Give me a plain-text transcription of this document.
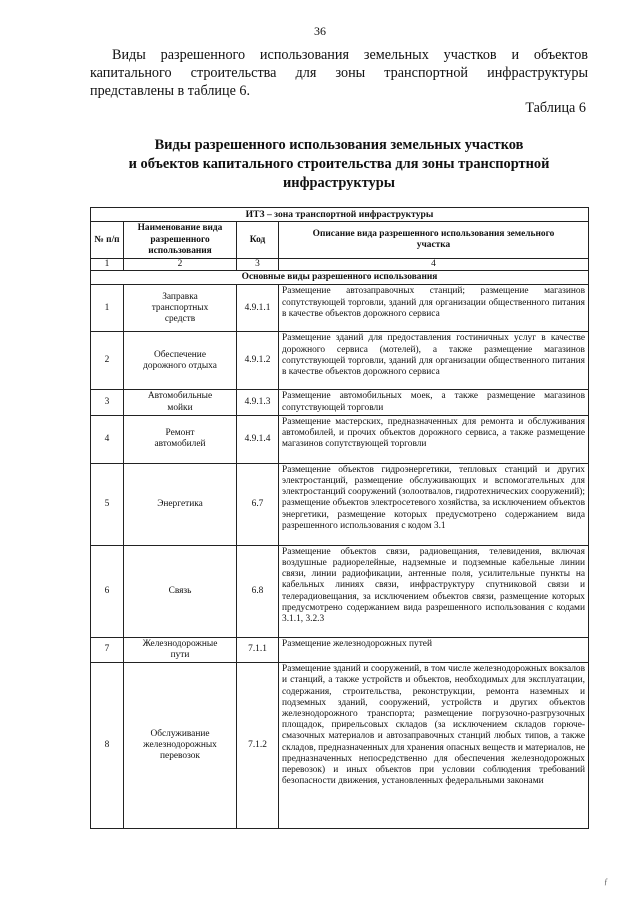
36
Виды разрешенного использования земельных участков и объектов
капитального строительства для зоны транспортной инфраструктуры
представлены в таблице 6.
Таблица 6
Виды разрешенного использования земельных участков
и объектов капитального строительства для зоны транспортной
инфраструктуры
ИТЗ – зона транспортной инфраструктуры			
№ п/п	Наименование вида разрешенного использования	Код	Описание вида разрешенного использования земельного участка
1	2	3	4
Основные виды разрешенного использования			
1	Заправка транспортных средств	4.9.1.1	Размещение автозаправочных станций; размещение магазинов сопутствующей торговли, зданий для организации общественного питания в качестве объектов дорожного сервиса
2	Обеспечение дорожного отдыха	4.9.1.2	Размещение зданий для предоставления гостиничных услуг в качестве дорожного сервиса (мотелей), а также размещение магазинов сопутствующей торговли, зданий для организации общественного питания в качестве объектов дорожного сервиса
3	Автомобильные мойки	4.9.1.3	Размещение автомобильных моек, а также размещение магазинов сопутствующей торговли
4	Ремонт автомобилей	4.9.1.4	Размещение мастерских, предназначенных для ремонта и обслуживания автомобилей, и прочих объектов дорожного сервиса, а также размещение магазинов сопутствующей торговли
5	Энергетика	6.7	Размещение объектов гидроэнергетики, тепловых станций и других электростанций, размещение обслуживающих и вспомогательных для электростанций сооружений (золоотвалов, гидротехнических сооружений); размещение объектов электросетевого хозяйства, за исключением объектов энергетики, размещение которых предусмотрено содержанием вида разрешенного использования с кодом 3.1
6	Связь	6.8	Размещение объектов связи, радиовещания, телевидения, включая воздушные радиорелейные, надземные и подземные кабельные линии связи, линии радиофикации, антенные поля, усилительные пункты на кабельных линиях связи, инфраструктуру спутниковой связи и телерадиовещания, за исключением объектов связи, размещение которых предусмотрено содержанием вида разрешенного использования с кодами 3.1.1, 3.2.3
7	Железнодорожные пути	7.1.1	Размещение железнодорожных путей
8	Обслуживание железнодорожных перевозок	7.1.2	Размещение зданий и сооружений, в том числе железнодорожных вокзалов и станций, а также устройств и объектов, необходимых для эксплуатации, содержания, строительства, реконструкции, ремонта наземных и подземных зданий, сооружений, устройств и других объектов железнодорожного транспорта; размещение погрузочно-разгрузочных площадок, прирельсовых складов (за исключением складов горюче-смазочных материалов и автозаправочных станций любых типов, а также складов, предназначенных для хранения опасных веществ и материалов, не предназначенных непосредственно для обеспечения железнодорожных перевозок) и иных объектов при условии соблюдения требований безопасности движения, установленных федеральными законами
ƒ
